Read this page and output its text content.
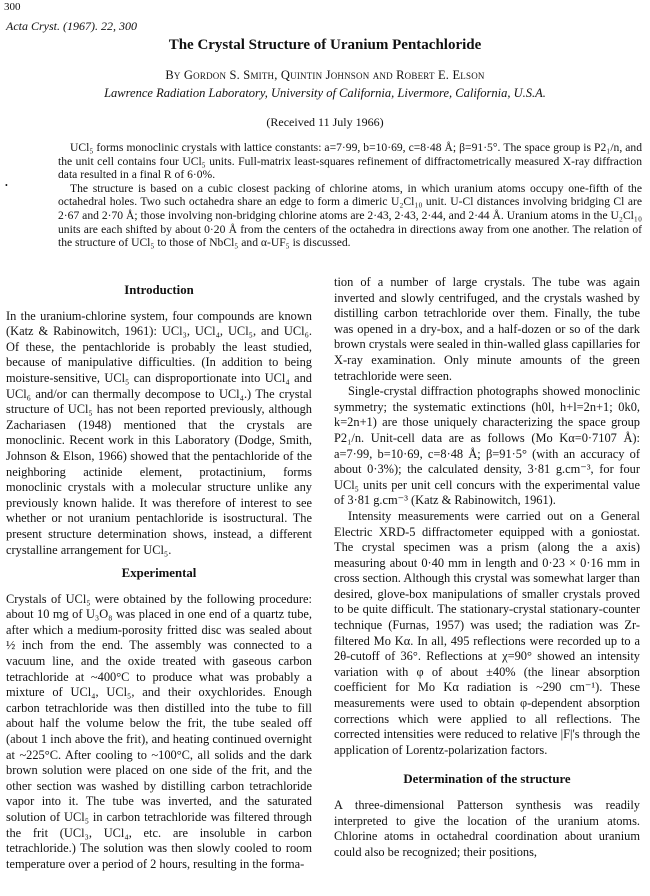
300
Acta Cryst. (1967). 22, 300
•
The Crystal Structure of Uranium Pentachloride
By Gordon S. Smith, Quintin Johnson and Robert E. Elson
Lawrence Radiation Laboratory, University of California, Livermore, California, U.S.A.
(Received 11 July 1966)

UCl₅ forms monoclinic crystals with lattice constants: a=7·99, b=10·69, c=8·48 Å; β=91·5°. The space group is P2₁/n, and the unit cell contains four UCl₅ units. Full-matrix least-squares refinement of diffractometrically measured X-ray diffraction data resulted in a final R of 6·0%.

The structure is based on a cubic closest packing of chlorine atoms, in which uranium atoms occupy one-fifth of the octahedral holes. Two such octahedra share an edge to form a dimeric U₂Cl₁₀ unit. U-Cl distances involving bridging Cl are 2·67 and 2·70 Å; those involving non-bridging chlorine atoms are 2·43, 2·43, 2·44, and 2·44 Å. Uranium atoms in the U₂Cl₁₀ units are each shifted by about 0·20 Å from the centers of the octahedra in directions away from one another. The relation of the structure of UCl₅ to those of NbCl₅ and α-UF₅ is discussed.

Introduction

In the uranium-chlorine system, four compounds are known (Katz & Rabinowitch, 1961): UCl₃, UCl₄, UCl₅, and UCl₆. Of these, the pentachloride is probably the least studied, because of manipulative difficulties. (In addition to being moisture-sensitive, UCl₅ can disproportionate into UCl₄ and UCl₆ and/or can thermally decompose to UCl₄.) The crystal structure of UCl₅ has not been reported previously, although Zachariasen (1948) mentioned that the crystals are monoclinic. Recent work in this Laboratory (Dodge, Smith, Johnson & Elson, 1966) showed that the pentachloride of the neighboring actinide element, protactinium, forms monoclinic crystals with a molecular structure unlike any previously known halide. It was therefore of interest to see whether or not uranium pentachloride is isostructural. The present structure determination shows, instead, a different crystalline arrangement for UCl₅.

Experimental

Crystals of UCl₅ were obtained by the following procedure: about 10 mg of U₃O₈ was placed in one end of a quartz tube, after which a medium-porosity fritted disc was sealed about ½ inch from the end. The assembly was connected to a vacuum line, and the oxide treated with gaseous carbon tetrachloride at ~400°C to produce what was probably a mixture of UCl₄, UCl₅, and their oxychlorides. Enough carbon tetrachloride was then distilled into the tube to fill about half the volume below the frit, the tube sealed off (about 1 inch above the frit), and heating continued overnight at ~225°C. After cooling to ~100°C, all solids and the dark brown solution were placed on one side of the frit, and the other section was washed by distilling carbon tetrachloride vapor into it. The tube was inverted, and the saturated solution of UCl₅ in carbon tetrachloride was filtered through the frit (UCl₃, UCl₄, etc. are insoluble in carbon tetrachloride.) The solution was then slowly cooled to room temperature over a period of 2 hours, resulting in the forma-

tion of a number of large crystals. The tube was again inverted and slowly centrifuged, and the crystals washed by distilling carbon tetrachloride over them. Finally, the tube was opened in a dry-box, and a half-dozen or so of the dark brown crystals were sealed in thin-walled glass capillaries for X-ray examination. Only minute amounts of the green tetrachloride were seen.

Single-crystal diffraction photographs showed monoclinic symmetry; the systematic extinctions (h0l, h+l=2n+1; 0k0, k=2n+1) are those uniquely characterizing the space group P2₁/n. Unit-cell data are as follows (Mo Kα=0·7107 Å): a=7·99, b=10·69, c=8·48 Å; β=91·5° (with an accuracy of about 0·3%); the calculated density, 3·81 g.cm⁻³, for four UCl₅ units per unit cell concurs with the experimental value of 3·81 g.cm⁻³ (Katz & Rabinowitch, 1961).

Intensity measurements were carried out on a General Electric XRD-5 diffractometer equipped with a goniostat. The crystal specimen was a prism (along the a axis) measuring about 0·40 mm in length and 0·23 × 0·16 mm in cross section. Although this crystal was somewhat larger than desired, glove-box manipulations of smaller crystals proved to be quite difficult. The stationary-crystal stationary-counter technique (Furnas, 1957) was used; the radiation was Zr-filtered Mo Kα. In all, 495 reflections were recorded up to a 2θ-cutoff of 36°. Reflections at χ=90° showed an intensity variation with φ of about ±40% (the linear absorption coefficient for Mo Kα radiation is ~290 cm⁻¹). These measurements were used to obtain φ-dependent absorption corrections which were applied to all reflections. The corrected intensities were reduced to relative |F|'s through the application of Lorentz-polarization factors.

Determination of the structure

A three-dimensional Patterson synthesis was readily interpreted to give the location of the uranium atoms. Chlorine atoms in octahedral coordination about uranium could also be recognized; their positions,
